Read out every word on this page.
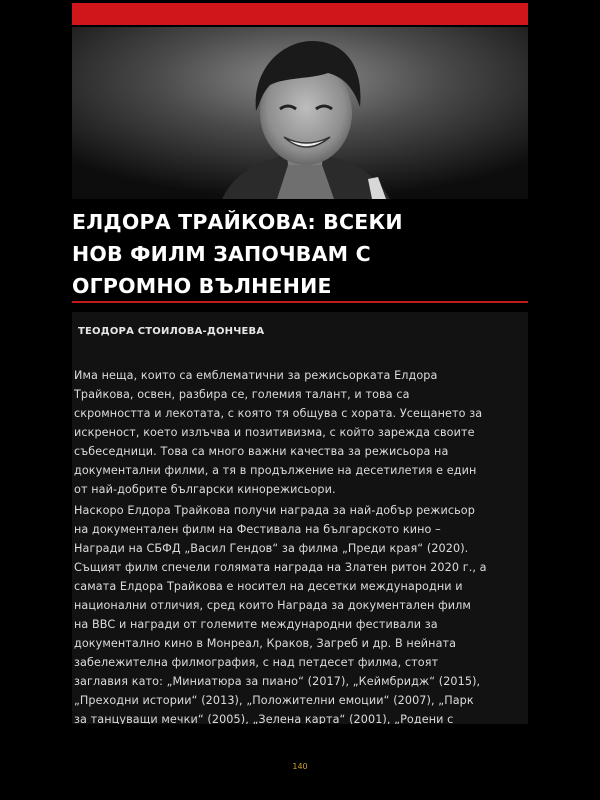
ЕЛДОРА ТРАЙКОВА: ВСЕКИ
НОВ ФИЛМ ЗАПОЧВАМ С
ОГРОМНО ВЪЛНЕНИЕ
ТЕОДОРА СТОИЛОВА-ДОНЧЕВА
Има неща, които са емблематични за режисьорката Елдора
Трайкова, освен, разбира се, големия талант, и това са
скромността и лекотата, с която тя общува с хората. Усещането за
искреност, което излъчва и позитивизма, с който зарежда своите
събеседници. Това са много важни качества за режисьора на
документални филми, а тя в продължение на десетилетия е един
от най-добрите български кинорежисьори.
Наскоро Елдора Трайкова получи награда за най-добър режисьор
на документален филм на Фестивала на българското кино –
Награди на СБФД „Васил Гендов“ за филма „Преди края“ (2020).
Същият филм спечели голямата награда на Златен ритон 2020 г., а
самата Елдора Трайкова е носител на десетки международни и
национални отличия, сред които Награда за документален филм
на BBC и награди от големите международни фестивали за
документално кино в Монреал, Краков, Загреб и др. В нейната
забележителна филмография, с над петдесет филма, стоят
заглавия като: „Миниатюра за пиано“ (2017), „Кеймбридж“ (2015),
„Преходни истории“ (2013), „Положителни емоции“ (2007), „Парк
за танцуващи мечки“ (2005), „Зелена карта“ (2001), „Родени с
140
